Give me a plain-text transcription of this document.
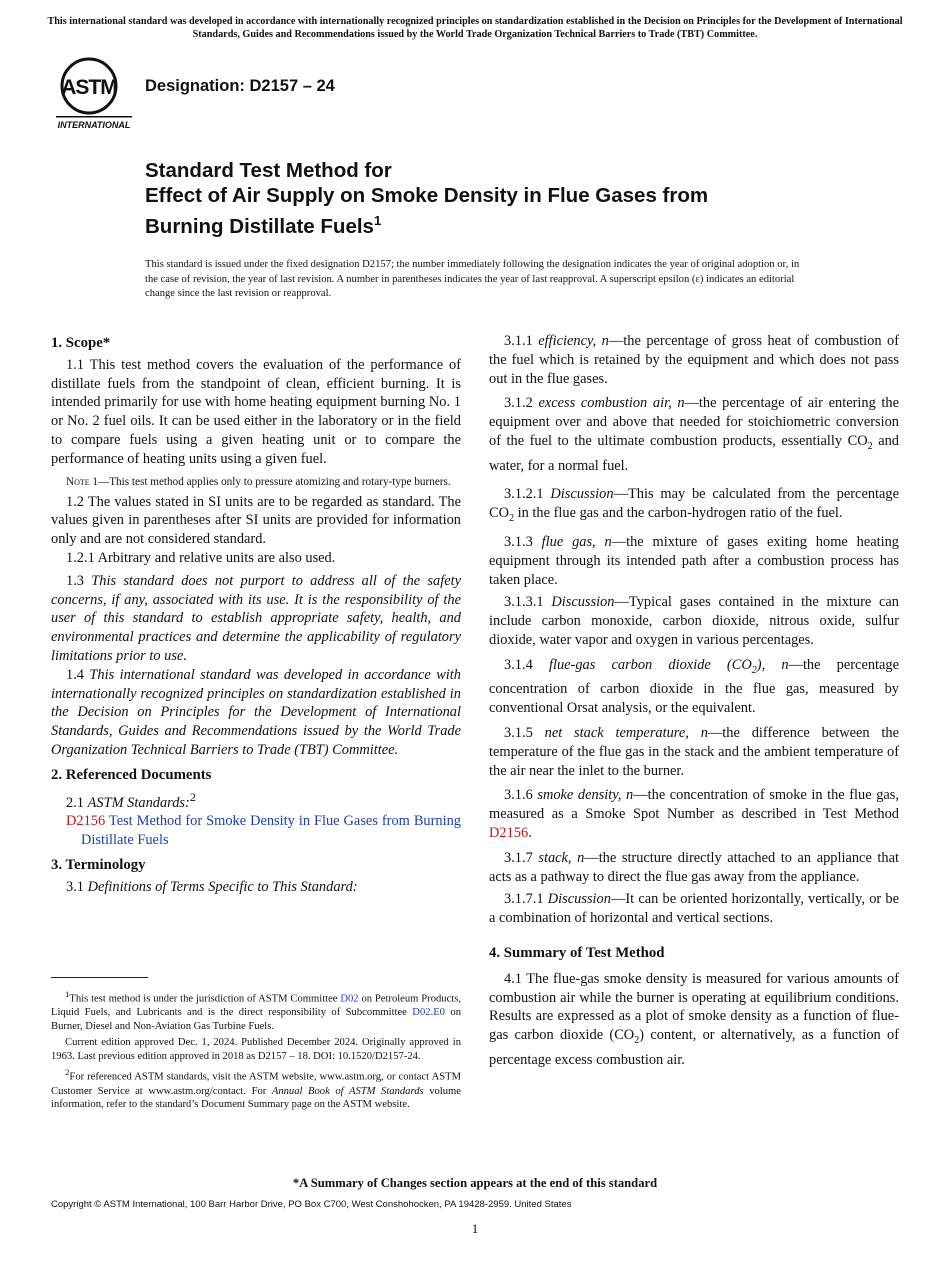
This international standard was developed in accordance with internationally recognized principles on standardization established in the Decision on Principles for the Development of International Standards, Guides and Recommendations issued by the World Trade Organization Technical Barriers to Trade (TBT) Committee.
ASTM
INTERNATIONAL
Designation: D2157 – 24
Standard Test Method for
Effect of Air Supply on Smoke Density in Flue Gases from
Burning Distillate Fuels$^1$
This standard is issued under the fixed designation D2157; the number immediately following the designation indicates the year of original adoption or, in the case of revision, the year of last revision. A number in parentheses indicates the year of last reapproval. A superscript epsilon (ε) indicates an editorial change since the last revision or reapproval.
1. Scope*

1.1 This test method covers the evaluation of the performance of distillate fuels from the standpoint of clean, efficient burning. It is intended primarily for use with home heating equipment burning No. 1 or No. 2 fuel oils. It can be used either in the laboratory or in the field to compare fuels using a given heating unit or to compare the performance of heating units using a given fuel.

Note 1—This test method applies only to pressure atomizing and rotary-type burners.

1.2 The values stated in SI units are to be regarded as standard. The values given in parentheses after SI units are provided for information only and are not considered standard.

1.2.1 Arbitrary and relative units are also used.

1.3 This standard does not purport to address all of the safety concerns, if any, associated with its use. It is the responsibility of the user of this standard to establish appropriate safety, health, and environmental practices and determine the applicability of regulatory limitations prior to use.

1.4 This international standard was developed in accordance with internationally recognized principles on standardization established in the Decision on Principles for the Development of International Standards, Guides and Recommendations issued by the World Trade Organization Technical Barriers to Trade (TBT) Committee.

2. Referenced Documents

2.1 ASTM Standards:$^2$

D2156 Test Method for Smoke Density in Flue Gases from Burning Distillate Fuels

3. Terminology

3.1 Definitions of Terms Specific to This Standard:

3.1.1 efficiency, n—the percentage of gross heat of combustion of the fuel which is retained by the equipment and which does not pass out in the flue gases.

3.1.2 excess combustion air, n—the percentage of air entering the equipment over and above that needed for stoichiometric conversion of the fuel to the ultimate combustion products, essentially $CO_2$ and water, for a normal fuel.

3.1.2.1 Discussion—This may be calculated from the percentage $CO_2$ in the flue gas and the carbon-hydrogen ratio of the fuel.

3.1.3 flue gas, n—the mixture of gases exiting home heating equipment through its intended path after a combustion process has taken place.

3.1.3.1 Discussion—Typical gases contained in the mixture can include carbon monoxide, carbon dioxide, nitrous oxide, sulfur dioxide, water vapor and oxygen in various percentages.

3.1.4 flue-gas carbon dioxide $(CO_2)$, n—the percentage concentration of carbon dioxide in the flue gas, measured by conventional Orsat analysis, or the equivalent.

3.1.5 net stack temperature, n—the difference between the temperature of the flue gas in the stack and the ambient temperature of the air near the inlet to the burner.

3.1.6 smoke density, n—the concentration of smoke in the flue gas, measured as a Smoke Spot Number as described in Test Method D2156.

3.1.7 stack, n—the structure directly attached to an appliance that acts as a pathway to direct the flue gas away from the appliance.

3.1.7.1 Discussion—It can be oriented horizontally, vertically, or be a combination of horizontal and vertical sections.

4. Summary of Test Method

4.1 The flue-gas smoke density is measured for various amounts of combustion air while the burner is operating at equilibrium conditions. Results are expressed as a plot of smoke density as a function of flue-gas carbon dioxide $(CO_2)$ content, or alternatively, as a function of percentage excess combustion air.

$^1$This test method is under the jurisdiction of ASTM Committee D02 on Petroleum Products, Liquid Fuels, and Lubricants and is the direct responsibility of Subcommittee D02.E0 on Burner, Diesel and Non-Aviation Gas Turbine Fuels.

Current edition approved Dec. 1, 2024. Published December 2024. Originally approved in 1963. Last previous edition approved in 2018 as D2157 – 18. DOI: 10.1520/D2157-24.

$^2$For referenced ASTM standards, visit the ASTM website, www.astm.org, or contact ASTM Customer Service at www.astm.org/contact. For Annual Book of ASTM Standards volume information, refer to the standard’s Document Summary page on the ASTM website.

*A Summary of Changes section appears at the end of this standard
Copyright © ASTM International, 100 Barr Harbor Drive, PO Box C700, West Conshohocken, PA 19428-2959. United States
1
